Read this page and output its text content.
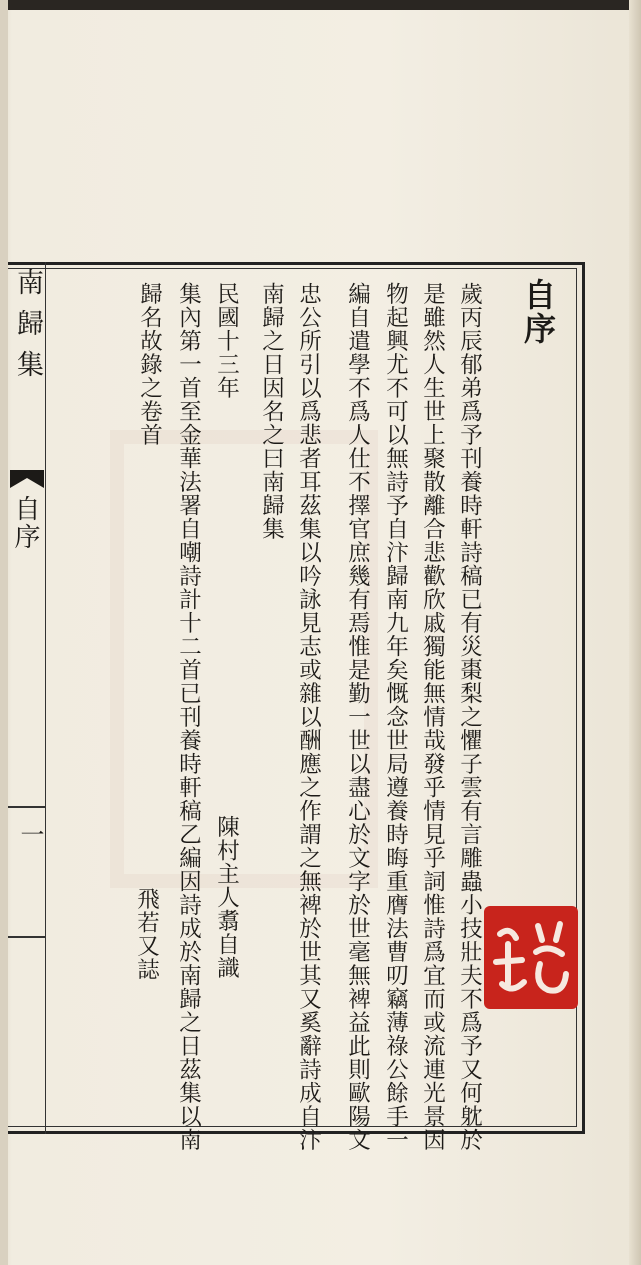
南歸集
自序
一
自序
歲丙辰郁弟爲予刊養時軒詩稿已有災棗梨之懼子雲有言雕蟲小技壯夫不爲予又何躭於
是雖然人生世上聚散離合悲歡欣戚獨能無情哉發乎情見乎詞惟詩爲宜而或流連光景因
物起興尤不可以無詩予自汴歸南九年矣慨念世局遵養時晦重膺法曹叨竊薄祿公餘手一
編自遣學不爲人仕不擇官庶幾有焉惟是勤一世以盡心於文字於世毫無裨益此則歐陽文
忠公所引以爲悲者耳茲集以吟詠見志或雜以酬應之作謂之無裨於世其又奚辭詩成自汴
南歸之日因名之曰南歸集
民國十三年
集內第一首至金華法署自嘲詩計十二首已刊養時軒稿乙編因詩成於南歸之日茲集以南
歸名故錄之卷首
陳村主人翥自識
飛若又誌
